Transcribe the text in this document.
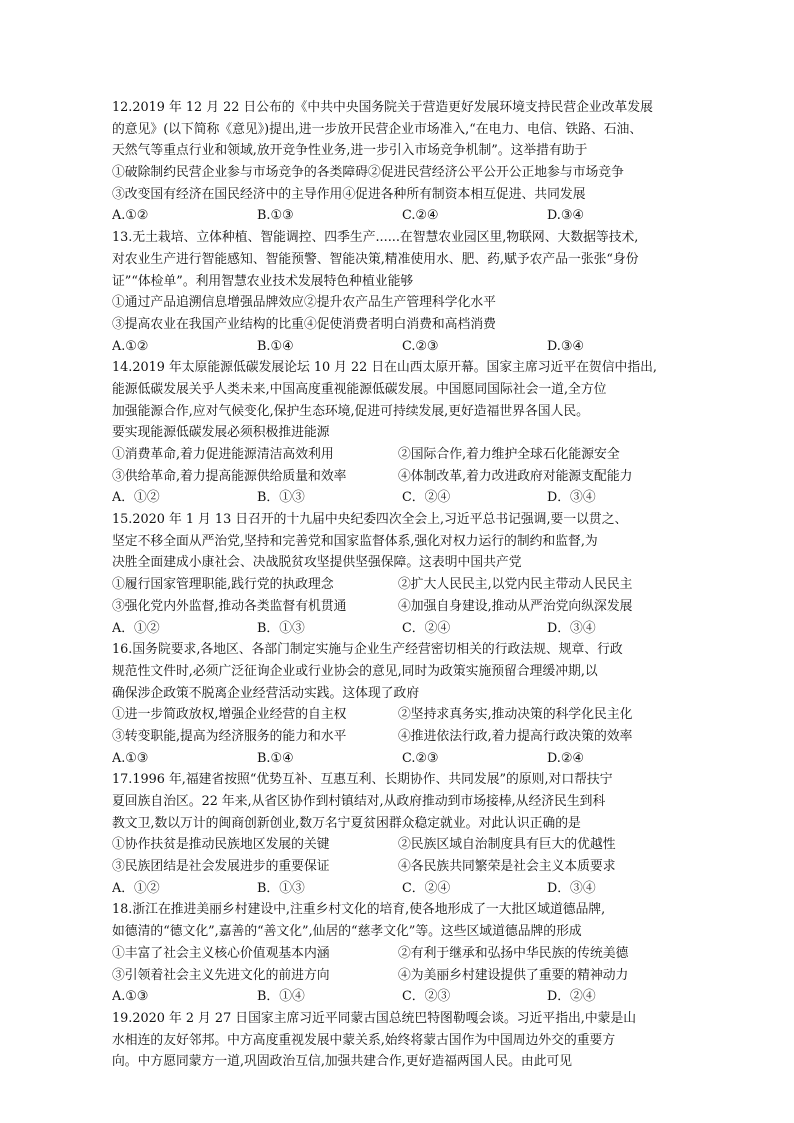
12.2019 年 12 月 22 日公布的《中共中央国务院关于营造更好发展环境支持民营企业改革发展
的意见》(以下简称《意见》)提出,进一步放开民营企业市场准入,“在电力、电信、铁路、石油、
天然气等重点行业和领域,放开竞争性业务,进一步引入市场竞争机制”。这举措有助于
①破除制约民营企业参与市场竞争的各类障碍②促进民营经济公平公开公正地参与市场竞争
③改变国有经济在国民经济中的主导作用④促进各种所有制资本相互促进、共同发展
A.①②	B.①③	C.②④	D.③④
13.无土栽培、立体种植、智能调控、四季生产......在智慧农业园区里,物联网、大数据等技术,
对农业生产进行智能感知、智能预警、智能决策,精准使用水、肥、药,赋予农产品一张张“身份
证”“体检单”。利用智慧农业技术发展特色种植业能够
①通过产品追溯信息增强品牌效应②提升农产品生产管理科学化水平
③提高农业在我国产业结构的比重④促使消费者明白消费和高档消费
A.①②	B.①④	C.②③	D.③④
14.2019 年太原能源低碳发展论坛 10 月 22 日在山西太原开幕。国家主席习近平在贺信中指出,
能源低碳发展关乎人类未来,中国高度重视能源低碳发展。中国愿同国际社会一道,全方位
加强能源合作,应对气候变化,保护生态环境,促进可持续发展,更好造福世界各国人民。
要实现能源低碳发展必须积极推进能源
①消费革命,着力促进能源清洁高效利用	②国际合作,着力维护全球石化能源安全
③供给革命,着力提高能源供给质量和效率	④体制改革,着力改进政府对能源支配能力
A．①②	B．①③	C．②④	D．③④
15.2020 年 1 月 13 日召开的十九届中央纪委四次全会上,习近平总书记强调,要一以贯之、
坚定不移全面从严治党,坚持和完善党和国家监督体系,强化对权力运行的制约和监督,为
决胜全面建成小康社会、决战脱贫攻坚提供坚强保障。这表明中国共产党
①履行国家管理职能,践行党的执政理念	②扩大人民民主,以党内民主带动人民民主
③强化党内外监督,推动各类监督有机贯通	④加强自身建设,推动从严治党向纵深发展
A．①②	B．①③	C．②④	D．③④
16.国务院要求,各地区、各部门制定实施与企业生产经营密切相关的行政法规、规章、行政
规范性文件时,必须广泛征询企业或行业协会的意见,同时为政策实施预留合理缓冲期,以
确保涉企政策不脱离企业经营活动实践。这体现了政府
①进一步简政放权,增强企业经营的自主权	②坚持求真务实,推动决策的科学化民主化
③转变职能,提高为经济服务的能力和水平	④推进依法行政,着力提高行政决策的效率
A.①③	B.①④	C.②③	D.②④
17.1996 年,福建省按照“优势互补、互惠互利、长期协作、共同发展”的原则,对口帮扶宁
夏回族自治区。22 年来,从省区协作到村镇结对,从政府推动到市场接棒,从经济民生到科
教文卫,数以万计的闽商创新创业,数万名宁夏贫困群众稳定就业。对此认识正确的是
①协作扶贫是推动民族地区发展的关键	②民族区域自治制度具有巨大的优越性
③民族团结是社会发展进步的重要保证	④各民族共同繁荣是社会主义本质要求
A．①②	B．①③	C．②④	D．③④
18.浙江在推进美丽乡村建设中,注重乡村文化的培育,使各地形成了一大批区域道德品牌,
如德清的“德文化”,嘉善的“善文化”,仙居的“慈孝文化”等。这些区域道德品牌的形成
①丰富了社会主义核心价值观基本内涵	②有利于继承和弘扬中华民族的传统美德
③引领着社会主义先进文化的前进方向	④为美丽乡村建设提供了重要的精神动力
A.①③	B．①④	C．②③	D．②④
19.2020 年 2 月 27 日国家主席习近平同蒙古国总统巴特图勒嘎会谈。习近平指出,中蒙是山
水相连的友好邻邦。中方高度重视发展中蒙关系,始终将蒙古国作为中国周边外交的重要方
向。中方愿同蒙方一道,巩固政治互信,加强共建合作,更好造福两国人民。由此可见
